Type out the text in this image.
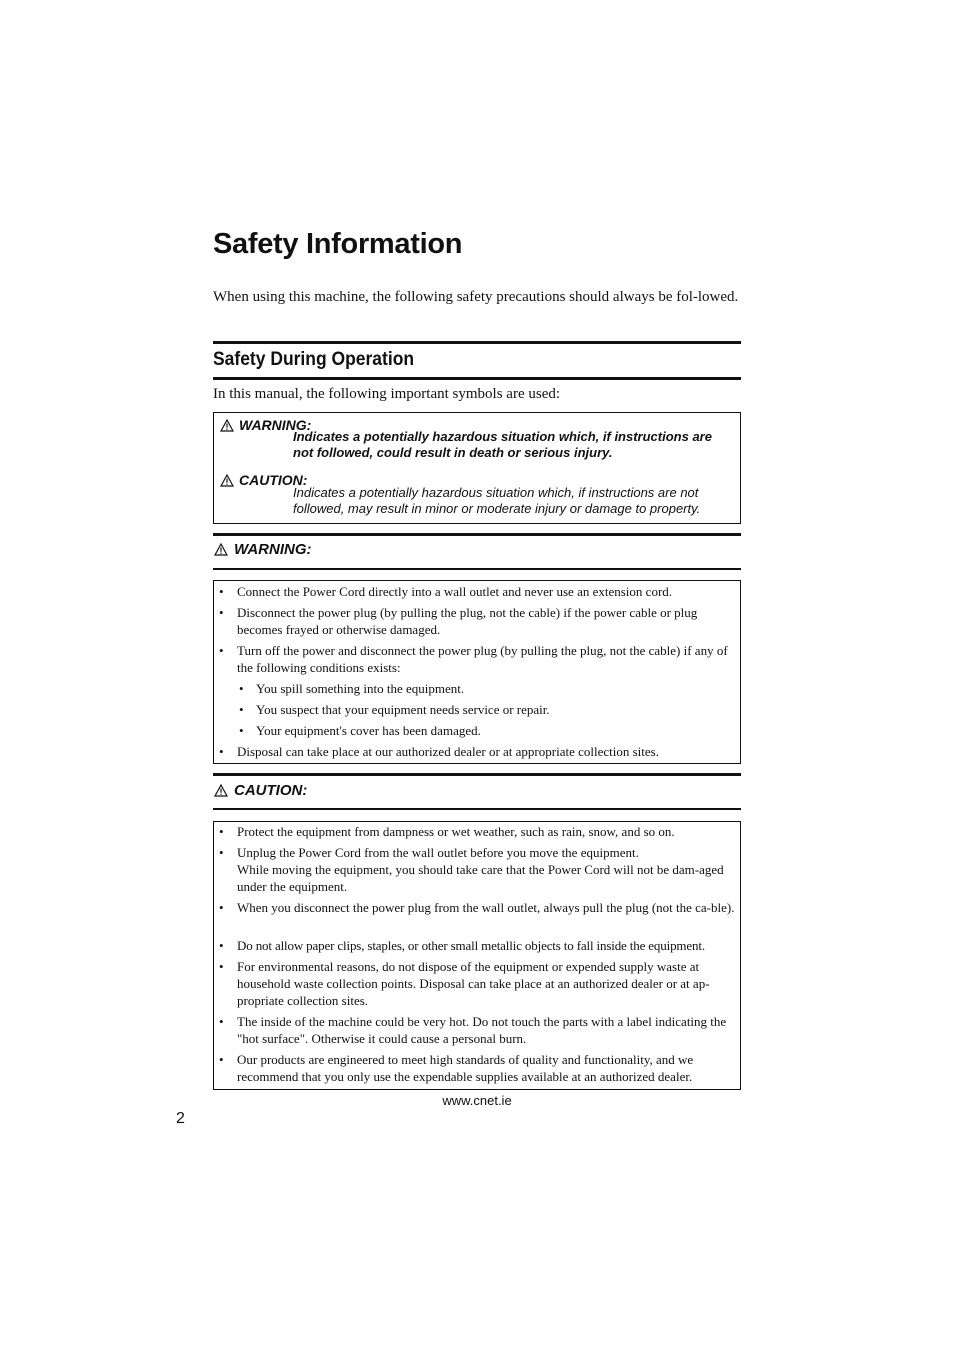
Safety Information

When using this machine, the following safety precautions should always be fol-lowed.

Safety During Operation

In this manual, the following important symbols are used:

WARNING:
Indicates a potentially hazardous situation which, if instructions are not followed, could result in death or serious injury.
CAUTION:
Indicates a potentially hazardous situation which, if instructions are not followed, may result in minor or moderate injury or damage to property.
WARNING:
• Connect the Power Cord directly into a wall outlet and never use an extension cord.
• Disconnect the power plug (by pulling the plug, not the cable) if the power cable or plug becomes frayed or otherwise damaged.
• Turn off the power and disconnect the power plug (by pulling the plug, not the cable) if any of the following conditions exists:
• You spill something into the equipment.
• You suspect that your equipment needs service or repair.
• Your equipment's cover has been damaged.
• Disposal can take place at our authorized dealer or at appropriate collection sites.
CAUTION:
• Protect the equipment from dampness or wet weather, such as rain, snow, and so on.
• Unplug the Power Cord from the wall outlet before you move the equipment.
While moving the equipment, you should take care that the Power Cord will not be dam-aged under the equipment.
• When you disconnect the power plug from the wall outlet, always pull the plug (not the ca-ble).
• Do not allow paper clips, staples, or other small metallic objects to fall inside the equipment.
• For environmental reasons, do not dispose of the equipment or expended supply waste at household waste collection points. Disposal can take place at an authorized dealer or at ap-propriate collection sites.
• The inside of the machine could be very hot. Do not touch the parts with a label indicating the "hot surface". Otherwise it could cause a personal burn.
• Our products are engineered to meet high standards of quality and functionality, and we recommend that you only use the expendable supplies available at an authorized dealer.

www.cnet.ie

2
